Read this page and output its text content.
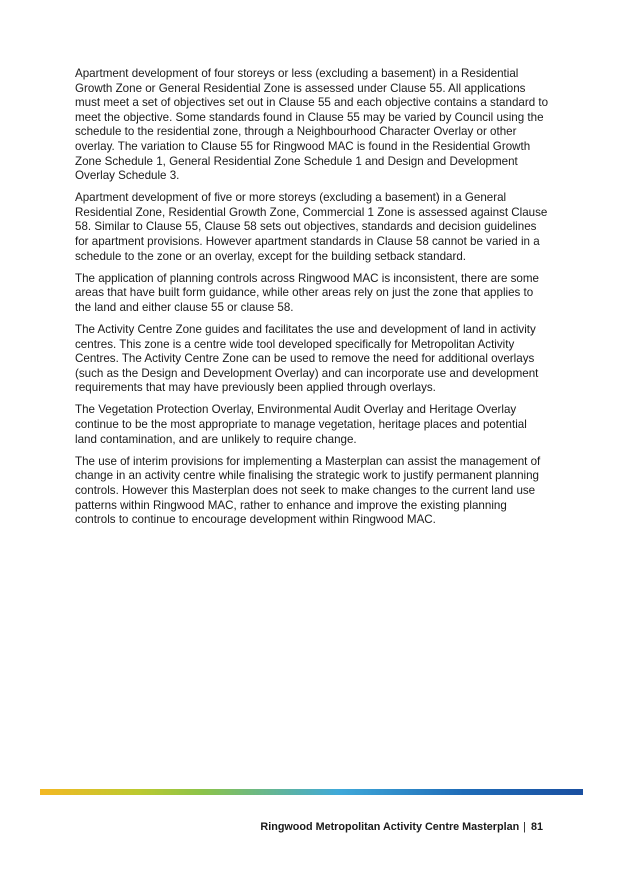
Apartment development of four storeys or less (excluding a basement) in a Residential Growth Zone or General Residential Zone is assessed under Clause 55. All applications must meet a set of objectives set out in Clause 55 and each objective contains a standard to meet the objective. Some standards found in Clause 55 may be varied by Council using the schedule to the residential zone, through a Neighbourhood Character Overlay or other overlay. The variation to Clause 55 for Ringwood MAC is found in the Residential Growth Zone Schedule 1, General Residential Zone Schedule 1 and Design and Development Overlay Schedule 3.

Apartment development of five or more storeys (excluding a basement) in a General Residential Zone, Residential Growth Zone, Commercial 1 Zone is assessed against Clause 58. Similar to Clause 55, Clause 58 sets out objectives, standards and decision guidelines for apartment provisions. However apartment standards in Clause 58 cannot be varied in a schedule to the zone or an overlay, except for the building setback standard.

The application of planning controls across Ringwood MAC is inconsistent, there are some areas that have built form guidance, while other areas rely on just the zone that applies to the land and either clause 55 or clause 58.

The Activity Centre Zone guides and facilitates the use and development of land in activity centres. This zone is a centre wide tool developed specifically for Metropolitan Activity Centres. The Activity Centre Zone can be used to remove the need for additional overlays (such as the Design and Development Overlay) and can incorporate use and development requirements that may have previously been applied through overlays.

The Vegetation Protection Overlay, Environmental Audit Overlay and Heritage Overlay continue to be the most appropriate to manage vegetation, heritage places and potential land contamination, and are unlikely to require change.

The use of interim provisions for implementing a Masterplan can assist the management of change in an activity centre while finalising the strategic work to justify permanent planning controls. However this Masterplan does not seek to make changes to the current land use patterns within Ringwood MAC, rather to enhance and improve the existing planning controls to continue to encourage development within Ringwood MAC.

Ringwood Metropolitan Activity Centre Masterplan | 81
